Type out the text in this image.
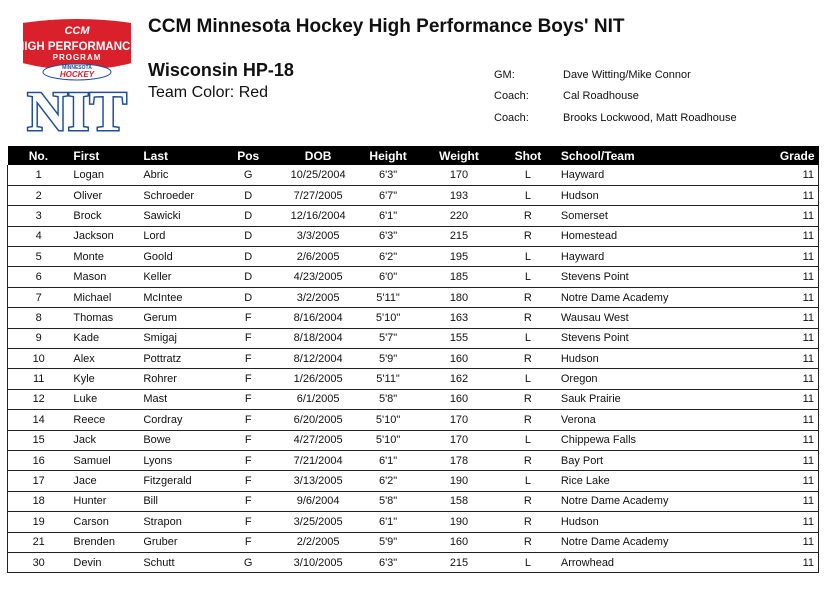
CCM
HIGH PERFORMANCE
PROGRAM
MINNESOTA
HOCKEY
NIT
CCM Minnesota Hockey High Performance Boys' NIT
Wisconsin HP-18
Team Color: Red
GM:	Dave Witting/Mike Connor
Coach:	Cal Roadhouse
Coach:	Brooks Lockwood, Matt Roadhouse
No.	First	Last	Pos	DOB	Height	Weight	Shot	School/Team	Grade
1	Logan	Abric	G	10/25/2004	6'3"	170	L	Hayward	11
2	Oliver	Schroeder	D	7/27/2005	6'7"	193	L	Hudson	11
3	Brock	Sawicki	D	12/16/2004	6'1"	220	R	Somerset	11
4	Jackson	Lord	D	3/3/2005	6'3"	215	R	Homestead	11
5	Monte	Goold	D	2/6/2005	6'2"	195	L	Hayward	11
6	Mason	Keller	D	4/23/2005	6'0"	185	L	Stevens Point	11
7	Michael	McIntee	D	3/2/2005	5'11"	180	R	Notre Dame Academy	11
8	Thomas	Gerum	F	8/16/2004	5'10"	163	R	Wausau West	11
9	Kade	Smigaj	F	8/18/2004	5'7"	155	L	Stevens Point	11
10	Alex	Pottratz	F	8/12/2004	5'9"	160	R	Hudson	11
11	Kyle	Rohrer	F	1/26/2005	5'11"	162	L	Oregon	11
12	Luke	Mast	F	6/1/2005	5'8"	160	R	Sauk Prairie	11
14	Reece	Cordray	F	6/20/2005	5'10"	170	R	Verona	11
15	Jack	Bowe	F	4/27/2005	5'10"	170	L	Chippewa Falls	11
16	Samuel	Lyons	F	7/21/2004	6'1"	178	R	Bay Port	11
17	Jace	Fitzgerald	F	3/13/2005	6'2"	190	L	Rice Lake	11
18	Hunter	Bill	F	9/6/2004	5'8"	158	R	Notre Dame Academy	11
19	Carson	Strapon	F	3/25/2005	6'1"	190	R	Hudson	11
21	Brenden	Gruber	F	2/2/2005	5'9"	160	R	Notre Dame Academy	11
30	Devin	Schutt	G	3/10/2005	6'3"	215	L	Arrowhead	11
